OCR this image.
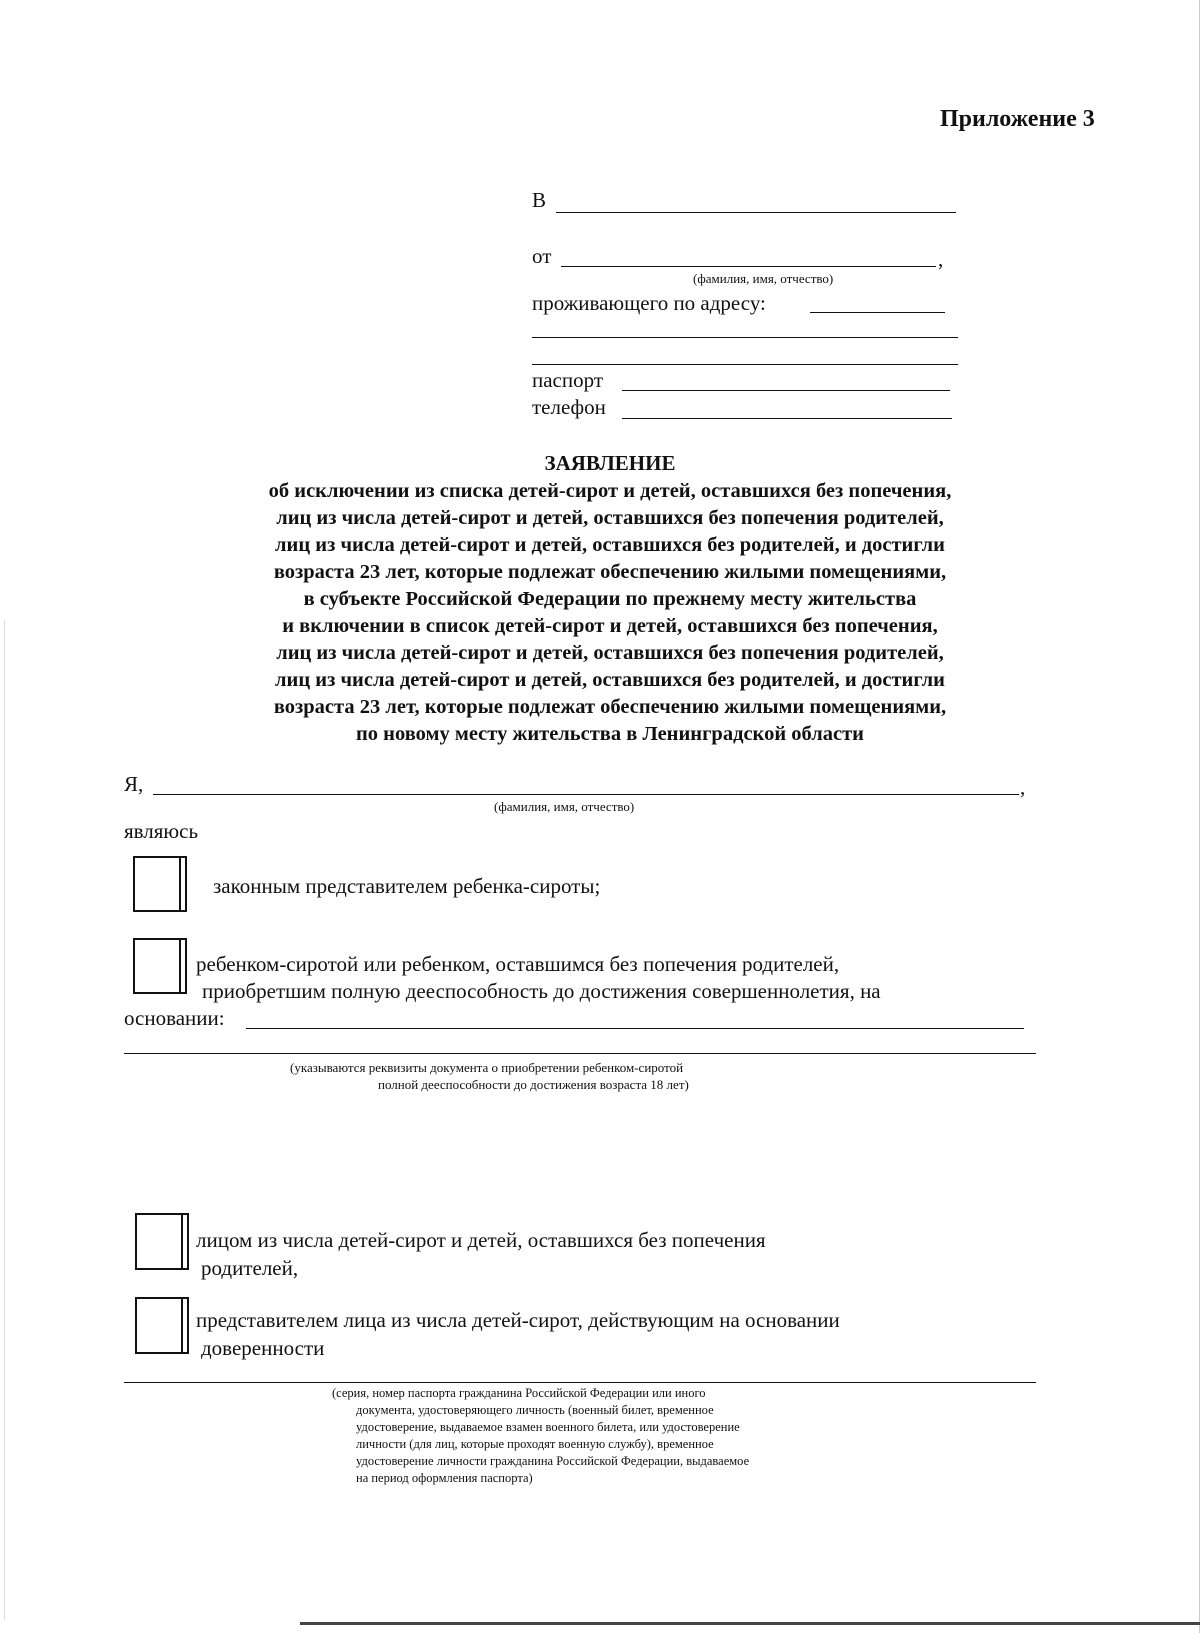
Приложение 3
В
от	,
(фамилия, имя, отчество)
проживающего по адресу:
паспорт
телефон
ЗАЯВЛЕНИЕ
об исключении из списка детей-сирот и детей, оставшихся без попечения,
лиц из числа детей-сирот и детей, оставшихся без попечения родителей,
лиц из числа детей-сирот и детей, оставшихся без родителей, и достигли
возраста 23 лет, которые подлежат обеспечению жилыми помещениями,
в субъекте Российской Федерации по прежнему месту жительства
и включении в список детей-сирот и детей, оставшихся без попечения,
лиц из числа детей-сирот и детей, оставшихся без попечения родителей,
лиц из числа детей-сирот и детей, оставшихся без родителей, и достигли
возраста 23 лет, которые подлежат обеспечению жилыми помещениями,
по новому месту жительства в Ленинградской области
Я,	,
(фамилия, имя, отчество)
являюсь
законным представителем ребенка-сироты;
ребенком-сиротой или ребенком, оставшимся без попечения родителей,
приобретшим полную дееспособность до достижения совершеннолетия, на
основании:
(указываются реквизиты документа о приобретении ребенком-сиротой
полной дееспособности до достижения возраста 18 лет)
лицом из числа детей-сирот и детей, оставшихся без попечения
родителей,
представителем лица из числа детей-сирот, действующим на основании
доверенности
(серия, номер паспорта гражданина Российской Федерации или иного
документа, удостоверяющего личность (военный билет, временное
удостоверение, выдаваемое взамен военного билета, или удостоверение
личности (для лиц, которые проходят военную службу), временное
удостоверение личности гражданина Российской Федерации, выдаваемое
на период оформления паспорта)
